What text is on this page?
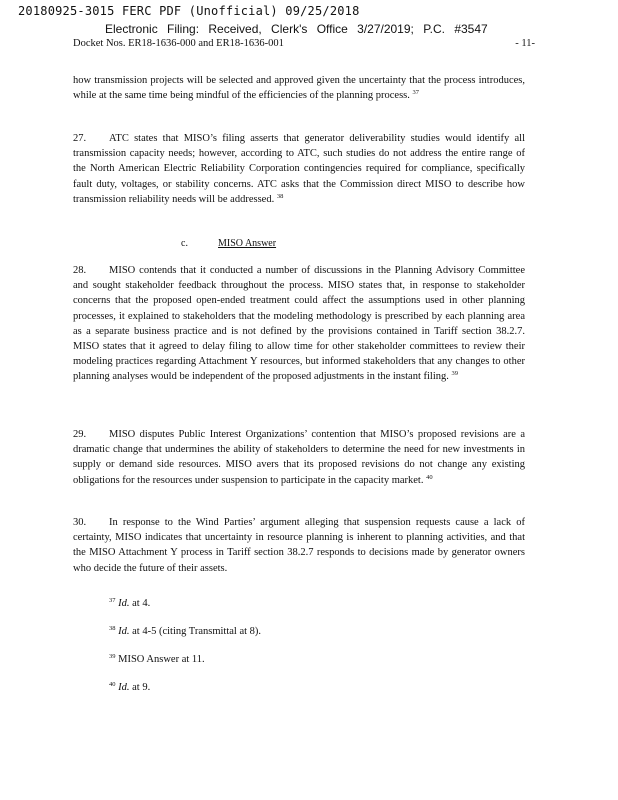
20180925-3015 FERC PDF (Unofficial) 09/25/2018
Electronic Filing: Received, Clerk's Office 3/27/2019; P.C. #3547
Docket Nos. ER18-1636-000 and ER18-1636-001	- 11-

how transmission projects will be selected and approved given the uncertainty that the process introduces, while at the same time being mindful of the efficiencies of the planning process. $^{37}$

27. ATC states that MISO’s filing asserts that generator deliverability studies would identify all transmission capacity needs; however, according to ATC, such studies do not address the entire range of the North American Electric Reliability Corporation contingencies required for compliance, specifically fault duty, voltages, or stability concerns. ATC asks that the Commission direct MISO to describe how transmission reliability needs will be addressed. $^{38}$

c.	MISO Answer

28. MISO contends that it conducted a number of discussions in the Planning Advisory Committee and sought stakeholder feedback throughout the process. MISO states that, in response to stakeholder concerns that the proposed open-ended treatment could affect the assumptions used in other planning processes, it explained to stakeholders that the modeling methodology is prescribed by each planning area as a separate business practice and is not defined by the provisions contained in Tariff section 38.2.7. MISO states that it agreed to delay filing to allow time for other stakeholder committees to review their modeling practices regarding Attachment Y resources, but informed stakeholders that any changes to other planning analyses would be independent of the proposed adjustments in the instant filing. $^{39}$

29. MISO disputes Public Interest Organizations’ contention that MISO’s proposed revisions are a dramatic change that undermines the ability of stakeholders to determine the need for new investments in supply or demand side resources. MISO avers that its proposed revisions do not change any existing obligations for the resources under suspension to participate in the capacity market. $^{40}$

30. In response to the Wind Parties’ argument alleging that suspension requests cause a lack of certainty, MISO indicates that uncertainty in resource planning is inherent to planning activities, and that the MISO Attachment Y process in Tariff section 38.2.7 responds to decisions made by generator owners who decide the future of their assets.

$^{37}$ Id. at 4.
$^{38}$ Id. at 4-5 (citing Transmittal at 8).
$^{39}$ MISO Answer at 11.
$^{40}$ Id. at 9.
